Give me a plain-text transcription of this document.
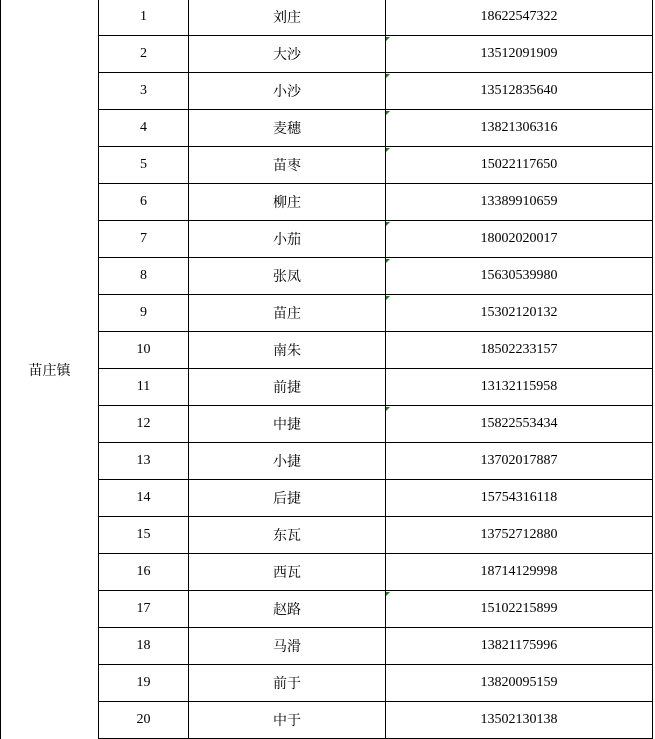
苗庄镇
1	刘庄	18622547322
2	大沙	13512091909
3	小沙	13512835640
4	麦穗	13821306316
5	苗枣	15022117650
6	柳庄	13389910659
7	小茄	18002020017
8	张凤	15630539980
9	苗庄	15302120132
10	南朱	18502233157
11	前捷	13132115958
12	中捷	15822553434
13	小捷	13702017887
14	后捷	15754316118
15	东瓦	13752712880
16	西瓦	18714129998
17	赵路	15102215899
18	马滑	13821175996
19	前于	13820095159
20	中于	13502130138
